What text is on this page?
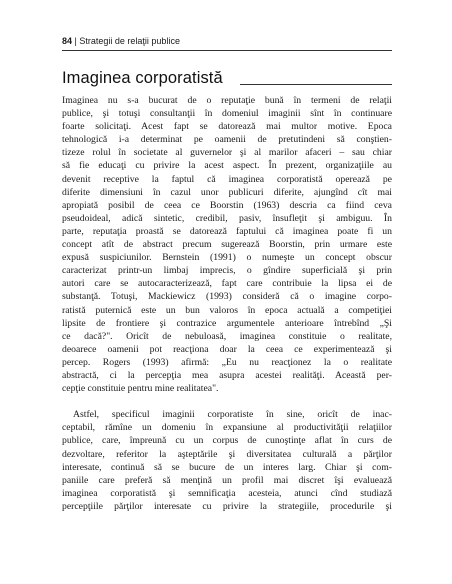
84 | Strategii de relaţii publice
Imaginea corporatistă
Imaginea nu s-a bucurat de o reputaţie bună în termeni de relaţii
publice, şi totuşi consultanţii în domeniul imaginii sînt în continuare
foarte solicitaţi. Acest fapt se datorează mai multor motive. Epoca
tehnologică i-a determinat pe oamenii de pretutindeni să conştien-
tizeze rolul în societate al guvernelor şi al marilor afaceri – sau chiar
să fie educaţi cu privire la acest aspect. În prezent, organizaţiile au
devenit receptive la faptul că imaginea corporatistă operează pe
diferite dimensiuni în cazul unor publicuri diferite, ajungînd cît mai
apropiată posibil de ceea ce Boorstin (1963) descria ca fiind ceva
pseudoideal, adică sintetic, credibil, pasiv, însufleţit şi ambiguu. În
parte, reputaţia proastă se datorează faptului că imaginea poate fi un
concept atît de abstract precum sugerează Boorstin, prin urmare este
expusă suspiciunilor. Bernstein (1991) o numeşte un concept obscur
caracterizat printr-un limbaj imprecis, o gîndire superficială şi prin
autori care se autocaracterizează, fapt care contribuie la lipsa ei de
substanţă. Totuşi, Mackiewicz (1993) consideră că o imagine corpo-
ratistă puternică este un bun valoros în epoca actuală a competiţiei
lipsite de frontiere şi contrazice argumentele anterioare întrebînd „Şi
ce dacă?". Oricît de nebuloasă, imaginea constituie o realitate,
deoarece oamenii pot reacţiona doar la ceea ce experimentează şi
percep. Rogers (1993) afirmă: „Eu nu reacţionez la o realitate
abstractă, ci la percepţia mea asupra acestei realităţi. Această per-
cepţie constituie pentru mine realitatea".
Astfel, specificul imaginii corporatiste în sine, oricît de inac-
ceptabil, rămîne un domeniu în expansiune al productivităţii relaţiilor
publice, care, împreună cu un corpus de cunoştinţe aflat în curs de
dezvoltare, referitor la aşteptările şi diversitatea culturală a părţilor
interesate, continuă să se bucure de un interes larg. Chiar şi com-
paniile care preferă să menţină un profil mai discret îşi evaluează
imaginea corporatistă şi semnificaţia acesteia, atunci cînd studiază
percepţiile părţilor interesate cu privire la strategiile, procedurile şi
